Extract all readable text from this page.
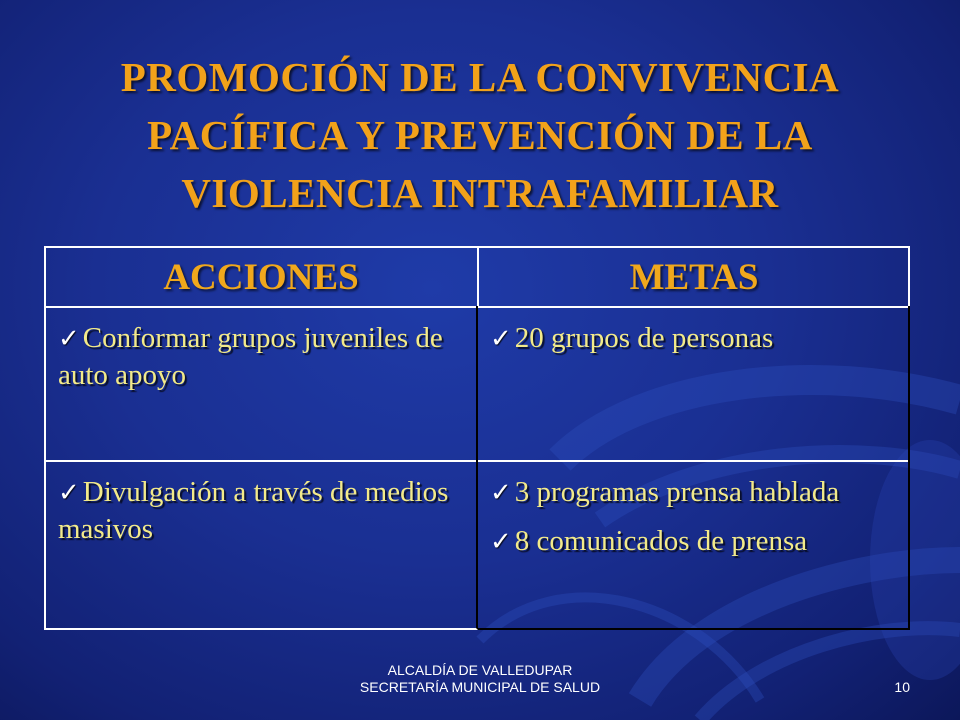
PROMOCIÓN DE LA CONVIVENCIA
PACÍFICA Y PREVENCIÓN DE LA
VIOLENCIA INTRAFAMILIAR
ACCIONES	METAS
✓ Conformar grupos juveniles de auto apoyo
✓ 20 grupos de personas
✓ Divulgación a través de medios masivos
✓ 3 programas prensa hablada
✓ 8 comunicados de prensa
ALCALDÍA DE VALLEDUPAR
SECRETARÍA MUNICIPAL DE SALUD	10
